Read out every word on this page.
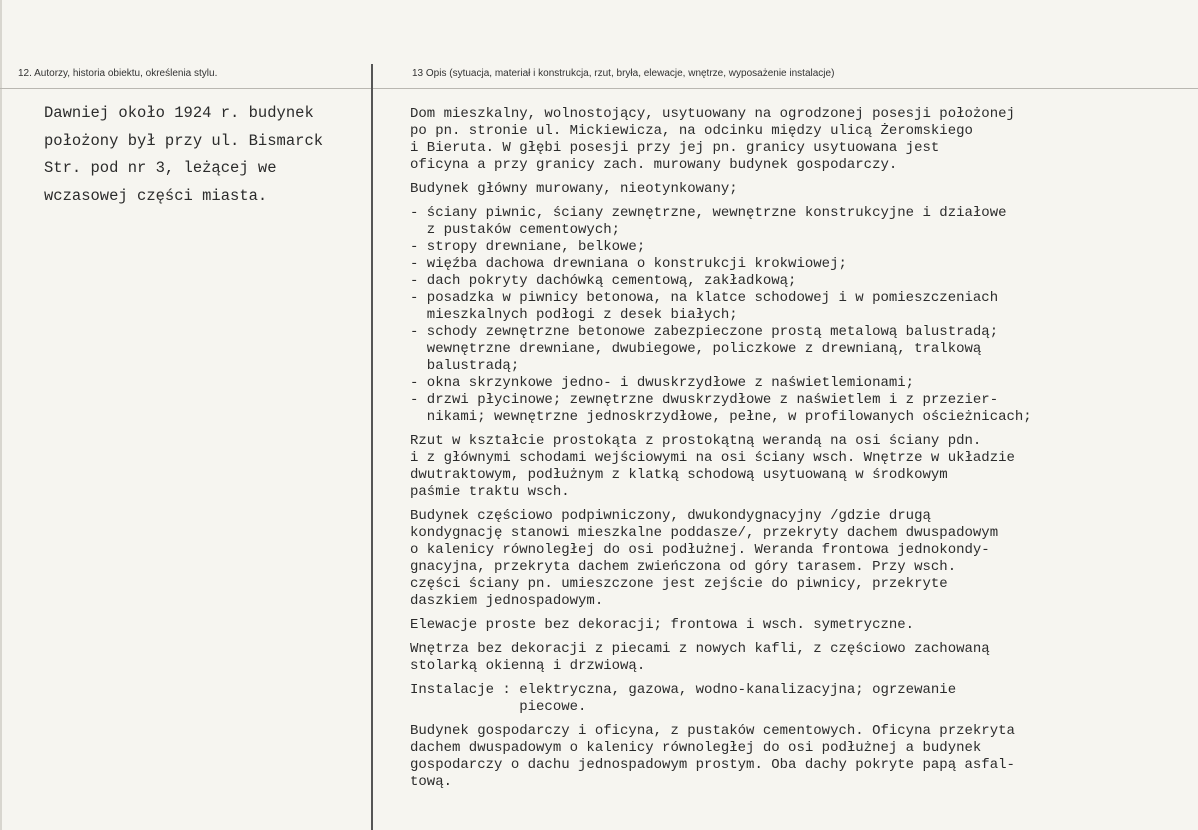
12. Autorzy, historia obiektu, określenia stylu.	13 Opis (sytuacja, materiał i konstrukcja, rzut, bryła, elewacje, wnętrze, wyposażenie instalacje)
Dawniej około 1924 r. budynek
położony był przy ul. Bismarck
Str. pod nr 3, leżącej we
wczasowej części miasta.
Dom mieszkalny, wolnostojący, usytuowany na ogrodzonej posesji położonej
po pn. stronie ul. Mickiewicza, na odcinku między ulicą Żeromskiego
i Bieruta. W głębi posesji przy jej pn. granicy usytuowana jest
oficyna a przy granicy zach. murowany budynek gospodarczy.
Budynek główny murowany, nieotynkowany;
- ściany piwnic, ściany zewnętrzne, wewnętrzne konstrukcyjne i działowe
z pustaków cementowych;
- stropy drewniane, belkowe;
- więźba dachowa drewniana o konstrukcji krokwiowej;
- dach pokryty dachówką cementową, zakładkową;
- posadzka w piwnicy betonowa, na klatce schodowej i w pomieszczeniach
mieszkalnych podłogi z desek białych;
- schody zewnętrzne betonowe zabezpieczone prostą metalową balustradą;
wewnętrzne drewniane, dwubiegowe, policzkowe z drewnianą, tralkową
balustradą;
- okna skrzynkowe jedno- i dwuskrzydłowe z naświetlemionami;
- drzwi płycinowe; zewnętrzne dwuskrzydłowe z naświetlem i z przezier-
nikami; wewnętrzne jednoskrzydłowe, pełne, w profilowanych ościeżnicach;
Rzut w kształcie prostokąta z prostokątną werandą na osi ściany pdn.
i z głównymi schodami wejściowymi na osi ściany wsch. Wnętrze w układzie
dwutraktowym, podłużnym z klatką schodową usytuowaną w środkowym
paśmie traktu wsch.
Budynek częściowo podpiwniczony, dwukondygnacyjny /gdzie drugą
kondygnację stanowi mieszkalne poddasze/, przekryty dachem dwuspadowym
o kalenicy równoległej do osi podłużnej. Weranda frontowa jednokondy-
gnacyjna, przekryta dachem zwieńczona od góry tarasem. Przy wsch.
części ściany pn. umieszczone jest zejście do piwnicy, przekryte
daszkiem jednospadowym.
Elewacje proste bez dekoracji; frontowa i wsch. symetryczne.
Wnętrza bez dekoracji z piecami z nowych kafli, z częściowo zachowaną
stolarką okienną i drzwiową.
Instalacje : elektryczna, gazowa, wodno-kanalizacyjna; ogrzewanie
piecowe.
Budynek gospodarczy i oficyna, z pustaków cementowych. Oficyna przekryta
dachem dwuspadowym o kalenicy równoległej do osi podłużnej a budynek
gospodarczy o dachu jednospadowym prostym. Oba dachy pokryte papą asfal-
tową.
